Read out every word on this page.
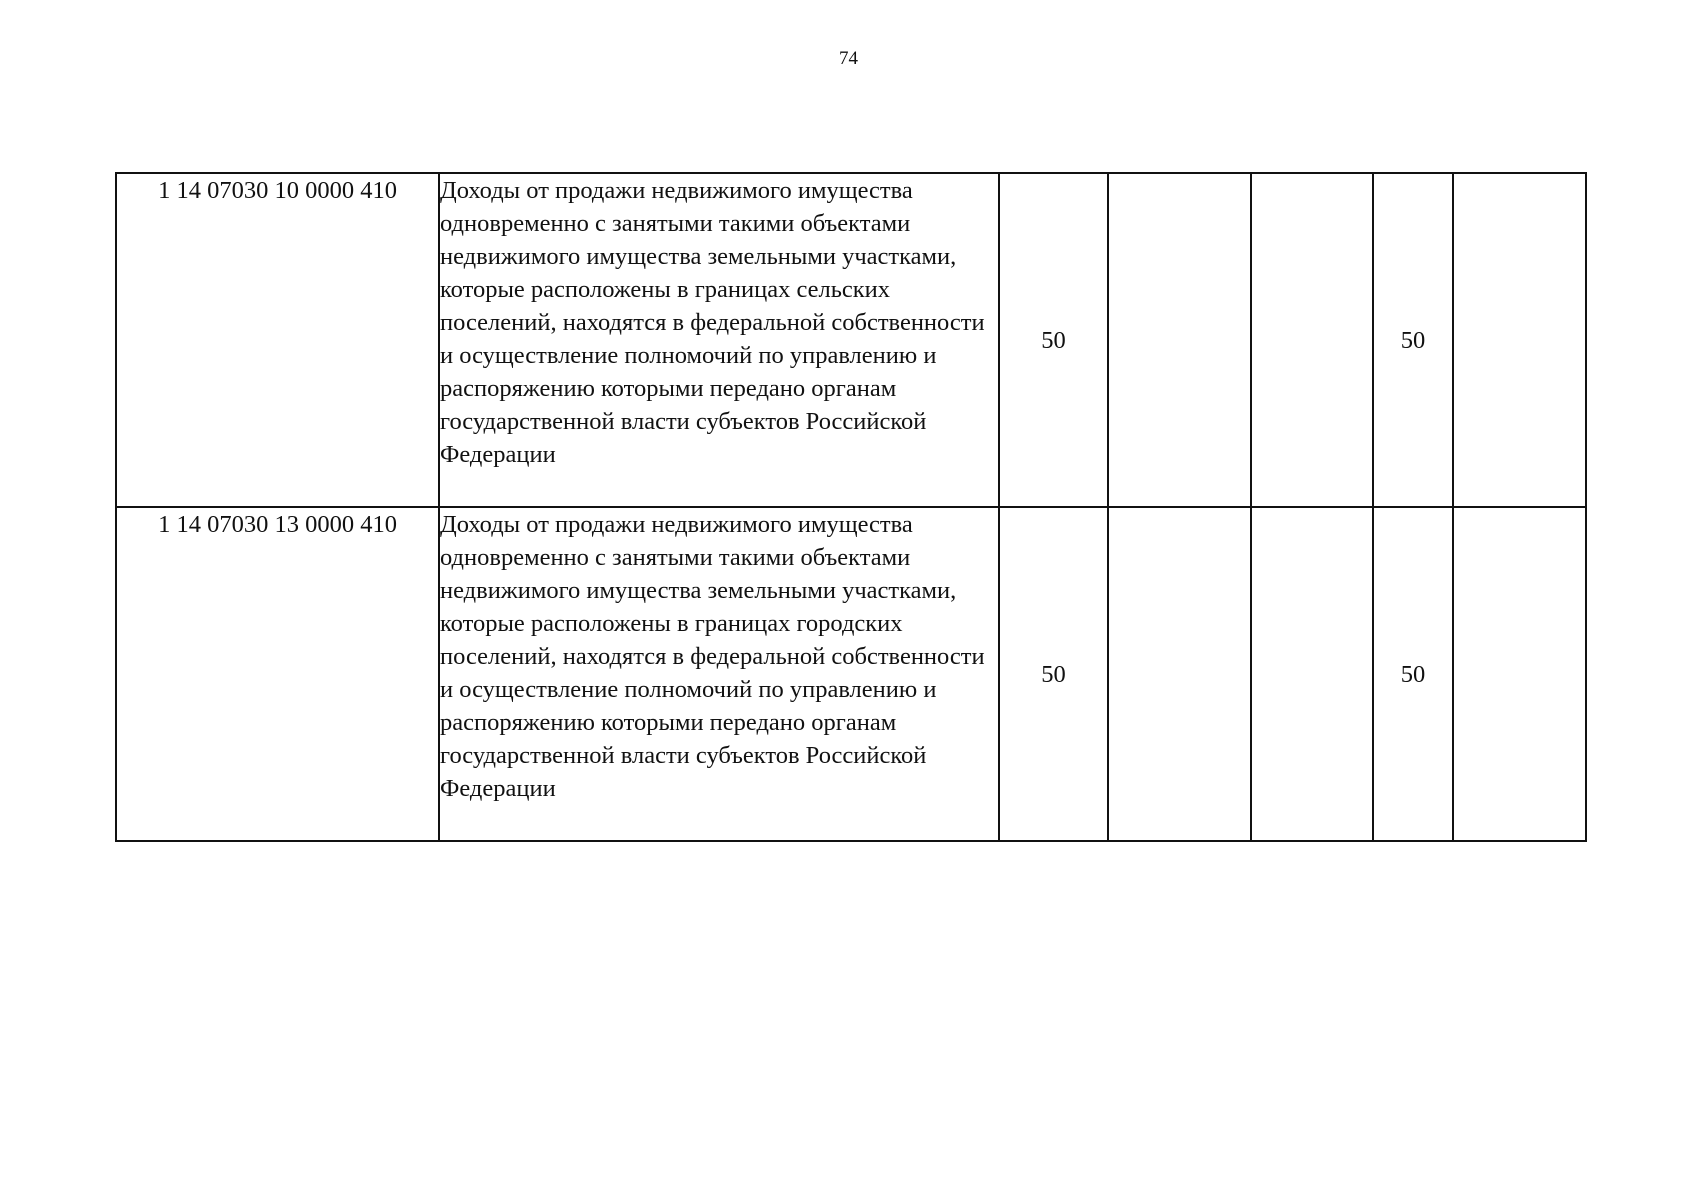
74
1 14 07030 10 0000 410	Доходы от продажи недвижимого имущества одновременно с занятыми такими объектами недвижимого имущества земельными участками, которые расположены в границах сельских поселений, находятся в федеральной собственности и осуществление полномочий по управлению и распоряжению которыми передано органам государственной власти субъектов Российской Федерации	50			50	
1 14 07030 13 0000 410	Доходы от продажи недвижимого имущества одновременно с занятыми такими объектами недвижимого имущества земельными участками, которые расположены в границах городских поселений, находятся в федеральной собственности и осуществление полномочий по управлению и распоряжению которыми передано органам государственной власти субъектов Российской Федерации	50			50	
